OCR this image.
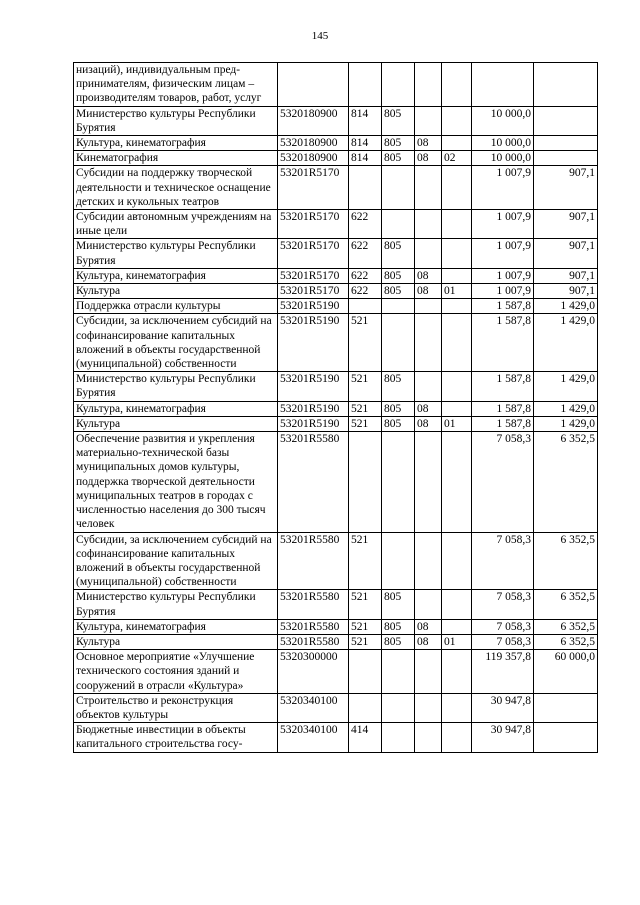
145
низаций), индивидуальным пред-принимателям, физическим лицам – производителям товаров, работ, услуг							
Министерство культуры Республики Бурятия	5320180900	814	805			10 000,0	
Культура, кинематография	5320180900	814	805	08		10 000,0	
Кинематография	5320180900	814	805	08	02	10 000,0	
Субсидии на поддержку творческой деятельности и техническое оснащение детских и кукольных театров	53201R5170					1 007,9	907,1
Субсидии автономным учреждениям на иные цели	53201R5170	622				1 007,9	907,1
Министерство культуры Республики Бурятия	53201R5170	622	805			1 007,9	907,1
Культура, кинематография	53201R5170	622	805	08		1 007,9	907,1
Культура	53201R5170	622	805	08	01	1 007,9	907,1
Поддержка отрасли культуры	53201R5190					1 587,8	1 429,0
Субсидии, за исключением субсидий на софинансирование капитальных вложений в объекты государственной (муниципальной) собственности	53201R5190	521				1 587,8	1 429,0
Министерство культуры Республики Бурятия	53201R5190	521	805			1 587,8	1 429,0
Культура, кинематография	53201R5190	521	805	08		1 587,8	1 429,0
Культура	53201R5190	521	805	08	01	1 587,8	1 429,0
Обеспечение развития и укрепления материально-технической базы муниципальных домов культуры, поддержка творческой деятельности муниципальных театров в городах с численностью населения до 300 тысяч человек	53201R5580					7 058,3	6 352,5
Субсидии, за исключением субсидий на софинансирование капитальных вложений в объекты государственной (муниципальной) собственности	53201R5580	521				7 058,3	6 352,5
Министерство культуры Республики Бурятия	53201R5580	521	805			7 058,3	6 352,5
Культура, кинематография	53201R5580	521	805	08		7 058,3	6 352,5
Культура	53201R5580	521	805	08	01	7 058,3	6 352,5
Основное мероприятие «Улучшение технического состояния зданий и сооружений в отрасли «Культура»	5320300000					119 357,8	60 000,0
Строительство и реконструкция объектов культуры	5320340100					30 947,8	
Бюджетные инвестиции в объекты капитального строительства госу-	5320340100	414				30 947,8	
